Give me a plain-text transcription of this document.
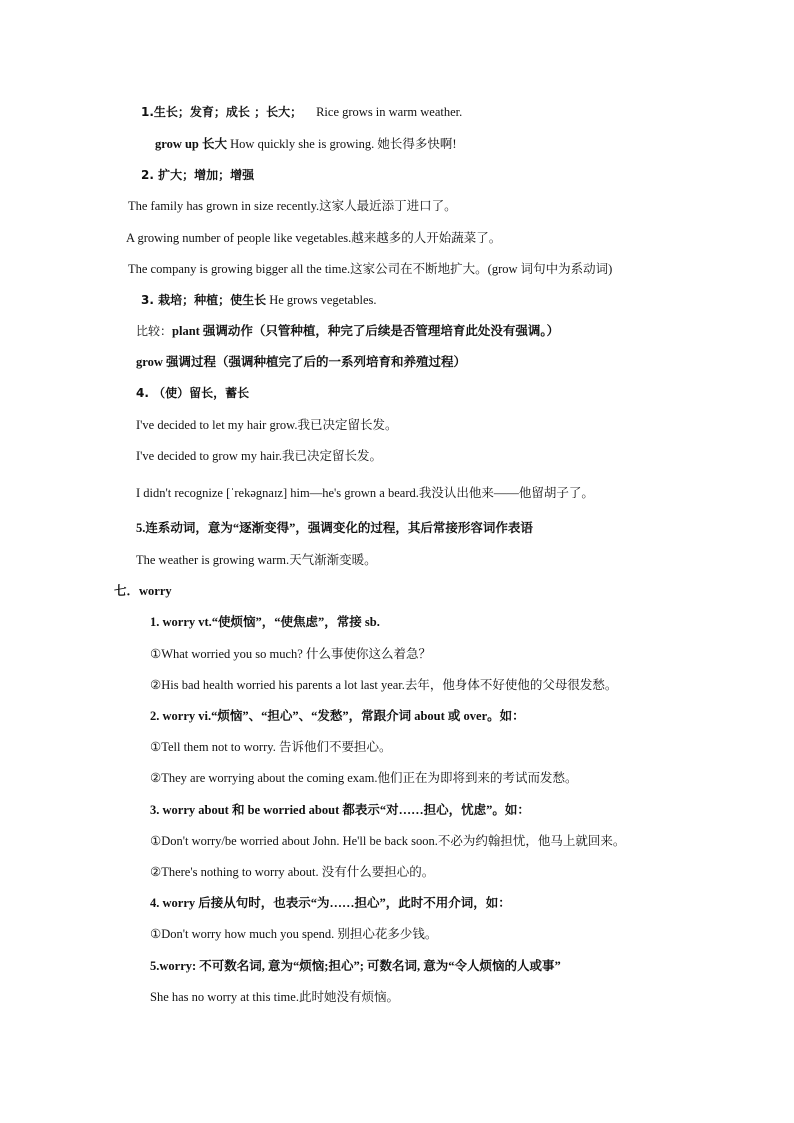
1.生长；发育；成长 ；长大； Rice grows in warm weather.
grow up 长大 How quickly she is growing. 她长得多快啊!
2. 扩大；增加；增强
The family has grown in size recently.这家人最近添丁进口了。
A growing number of people like vegetables.越来越多的人开始蔬菜了。
The company is growing bigger all the time.这家公司在不断地扩大。(grow 词句中为系动词)
3. 栽培；种植；使生长 He grows vegetables.
比较：plant 强调动作（只管种植，种完了后续是否管理培育此处没有强调。）
grow 强调过程（强调种植完了后的一系列培育和养殖过程）
4. （使）留长，蓄长
I've decided to let my hair grow.我已决定留长发。
I've decided to grow my hair.我已决定留长发。
I didn't recognize [ˈrekəgnaɪz] him—he's grown a beard.我没认出他来——他留胡子了。
5.连系动词，意为“逐渐变得”，强调变化的过程，其后常接形容词作表语
The weather is growing warm.天气渐渐变暖。
七．worry
1. worry vt.“使烦恼”，“使焦虑”，常接 sb.
①What worried you so much? 什么事使你这么着急？
②His bad health worried his parents a lot last year.去年，他身体不好使他的父母很发愁。
2. worry vi.“烦恼”、“担心”、“发愁”，常跟介词 about 或 over。如：
①Tell them not to worry. 告诉他们不要担心。
②They are worrying about the coming exam.他们正在为即将到来的考试而发愁。
3. worry about 和 be worried about 都表示“对……担心，忧虑”。如：
①Don't worry/be worried about John. He'll be back soon.不必为约翰担忧，他马上就回来。
②There's nothing to worry about. 没有什么要担心的。
4. worry 后接从句时，也表示“为……担心”，此时不用介词，如：
①Don't worry how much you spend. 别担心花多少钱。
5.worry: 不可数名词, 意为“烦恼;担心”; 可数名词, 意为“令人烦恼的人或事”
She has no worry at this time.此时她没有烦恼。
